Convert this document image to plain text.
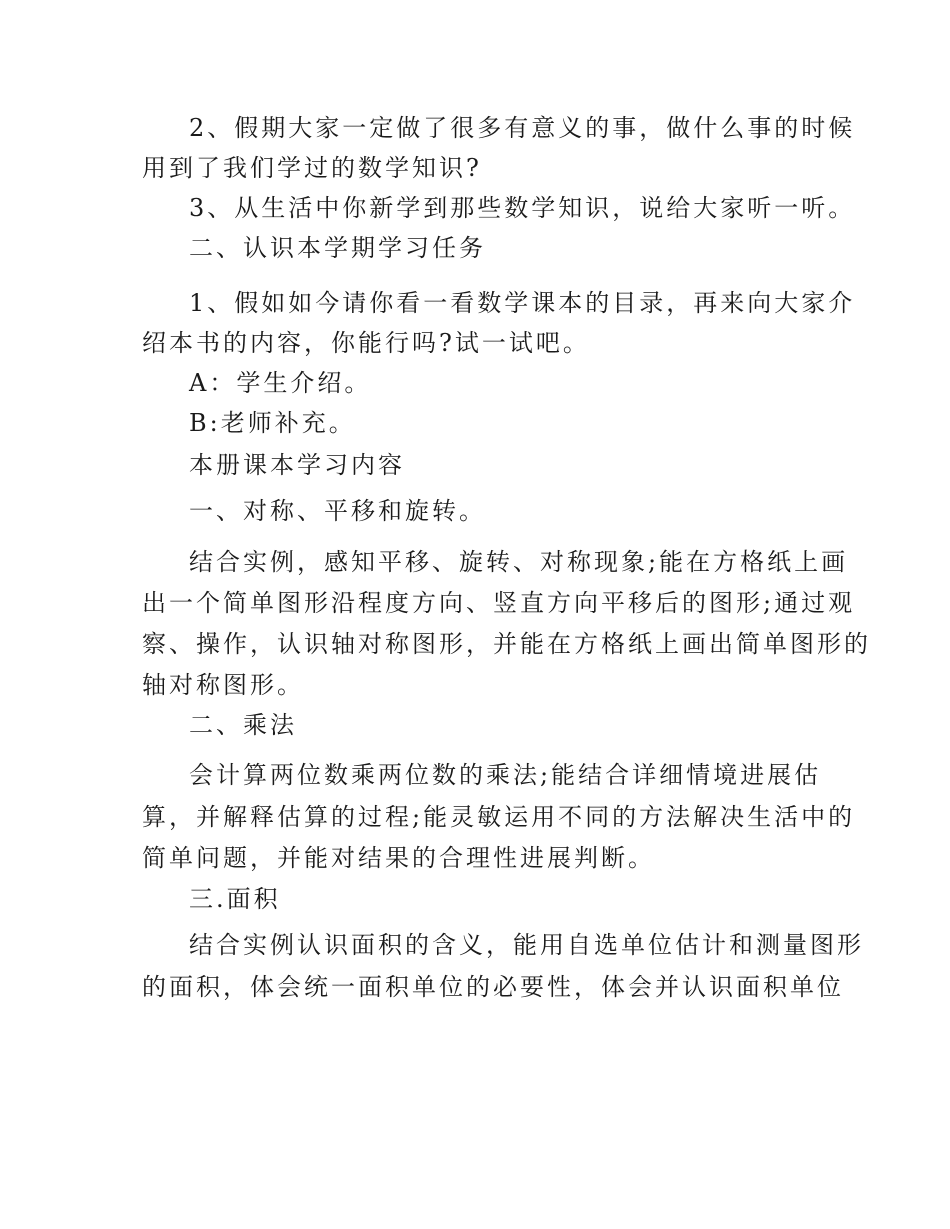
2、假期大家一定做了很多有意义的事，做什么事的时候
用到了我们学过的数学知识?
3、从生活中你新学到那些数学知识，说给大家听一听。
二、认识本学期学习任务
1、假如如今请你看一看数学课本的目录，再来向大家介
绍本书的内容，你能行吗?试一试吧。
A：学生介绍。
B:老师补充。
本册课本学习内容
一、对称、平移和旋转。
结合实例，感知平移、旋转、对称现象;能在方格纸上画
出一个简单图形沿程度方向、竖直方向平移后的图形;通过观
察、操作，认识轴对称图形，并能在方格纸上画出简单图形的
轴对称图形。
二、乘法
会计算两位数乘两位数的乘法;能结合详细情境进展估
算，并解释估算的过程;能灵敏运用不同的方法解决生活中的
简单问题，并能对结果的合理性进展判断。
三.面积
结合实例认识面积的含义，能用自选单位估计和测量图形
的面积，体会统一面积单位的必要性，体会并认识面积单位
